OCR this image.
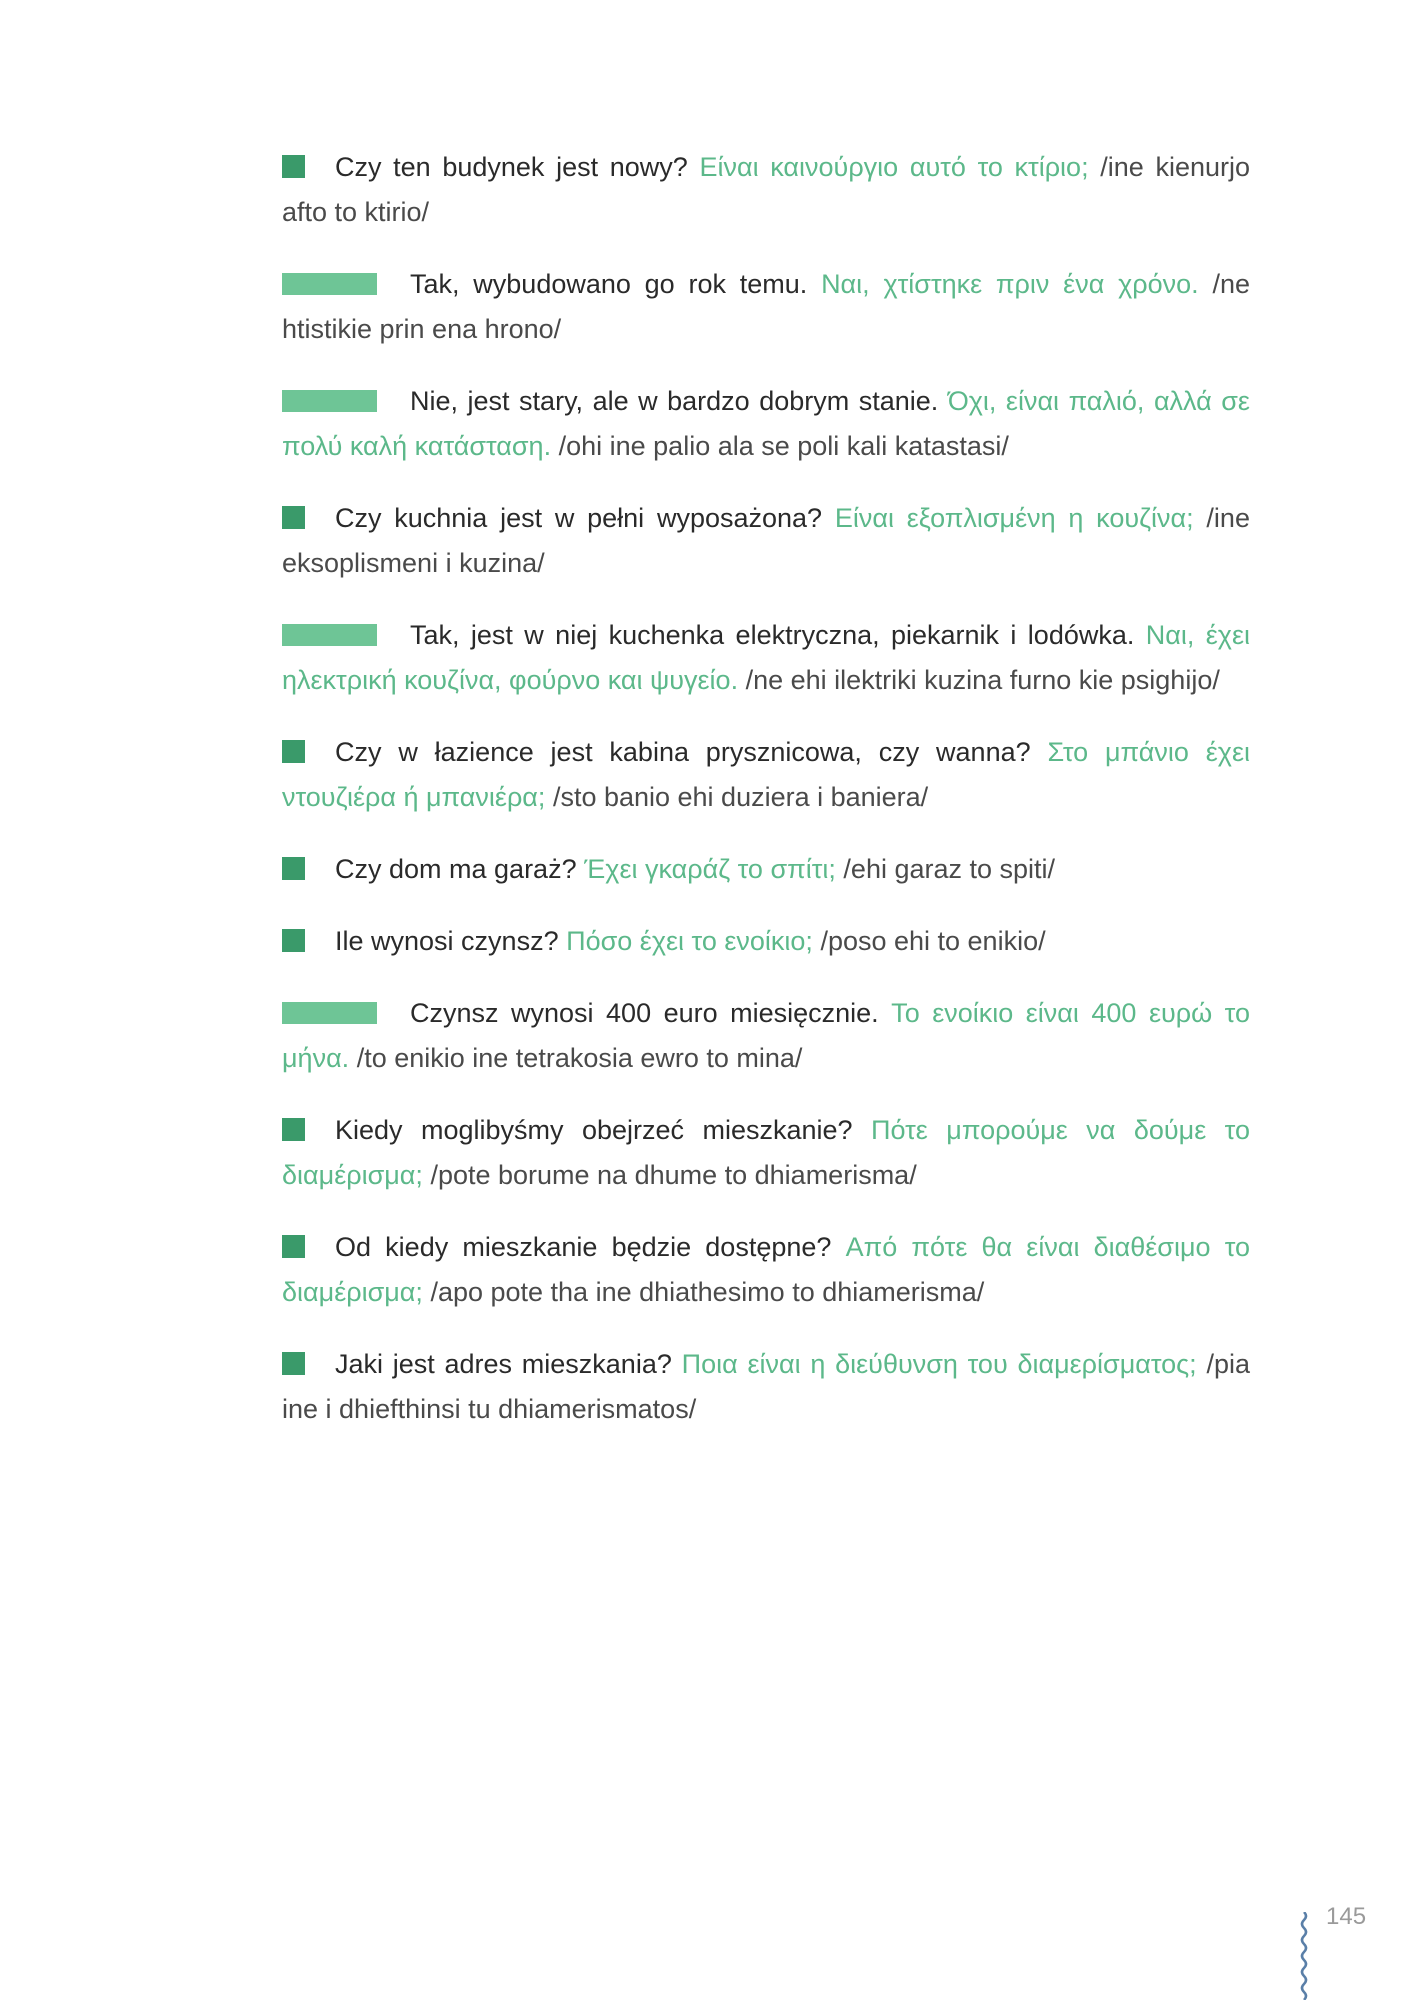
Czy ten budynek jest nowy? Είναι καινούργιο αυτό το κτίριο; /ine kienurjo afto to ktirio/

Tak, wybudowano go rok temu. Ναι, χτίστηκε πριν ένα χρόνο. /ne htistikie prin ena hrono/

Nie, jest stary, ale w bardzo dobrym stanie. Όχι, είναι παλιό, αλλά σε πολύ καλή κατάσταση. /ohi ine palio ala se poli kali katastasi/

Czy kuchnia jest w pełni wyposażona? Είναι εξοπλισμένη η κουζίνα; /ine eksoplismeni i kuzina/

Tak, jest w niej kuchenka elektryczna, piekarnik i lodówka. Ναι, έχει ηλεκτρική κουζίνα, φούρνο και ψυγείο. /ne ehi ilektriki kuzina furno kie psighijo/

Czy w łazience jest kabina prysznicowa, czy wanna? Στο μπάνιο έχει ντουζιέρα ή μπανιέρα; /sto banio ehi duziera i baniera/

Czy dom ma garaż? Έχει γκαράζ το σπίτι; /ehi garaz to spiti/

Ile wynosi czynsz? Πόσο έχει το ενοίκιο; /poso ehi to enikio/

Czynsz wynosi 400 euro miesięcznie. Το ενοίκιο είναι 400 ευρώ το μήνα. /to enikio ine tetrakosia ewro to mina/

Kiedy moglibyśmy obejrzeć mieszkanie? Πότε μπορούμε να δούμε το διαμέρισμα; /pote borume na dhume to dhiamerisma/

Od kiedy mieszkanie będzie dostępne? Από πότε θα είναι διαθέσιμο το διαμέρισμα; /apo pote tha ine dhiathesimo to dhiamerisma/

Jaki jest adres mieszkania? Ποια είναι η διεύθυνση του διαμερίσματος; /pia ine i dhiefthinsi tu dhiamerismatos/

145
